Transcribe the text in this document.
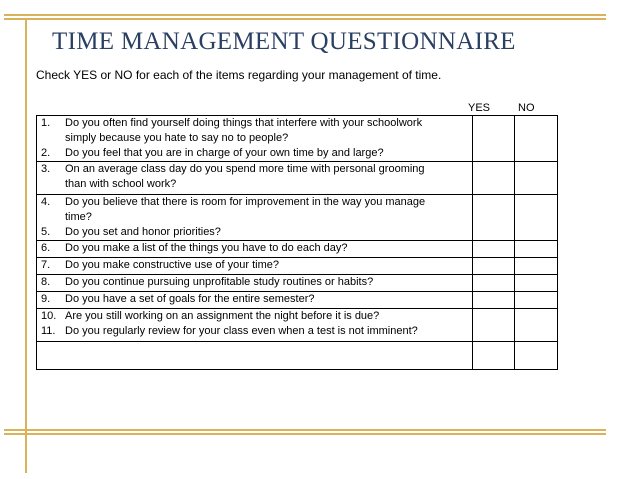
TIME MANAGEMENT QUESTIONNAIRE
Check YES or NO for each of the items regarding your management of time.
YES	NO
1. Do you often find yourself doing things that interfere with your schoolwork
simply because you hate to say no to people?
2. Do you feel that you are in charge of your own time by and large?		

3. On an average class day do you spend more time with personal grooming
than with school work?		

4. Do you believe that there is room for improvement in the way you manage
time?
5. Do you set and honor priorities?		

6. Do you make a list of the things you have to do each day?		

7. Do you make constructive use of your time?		

8. Do you continue pursuing unprofitable study routines or habits?		

9. Do you have a set of goals for the entire semester?		

10. Are you still working on an assignment the night before it is due?
11. Do you regularly review for your class even when a test is not imminent?		
